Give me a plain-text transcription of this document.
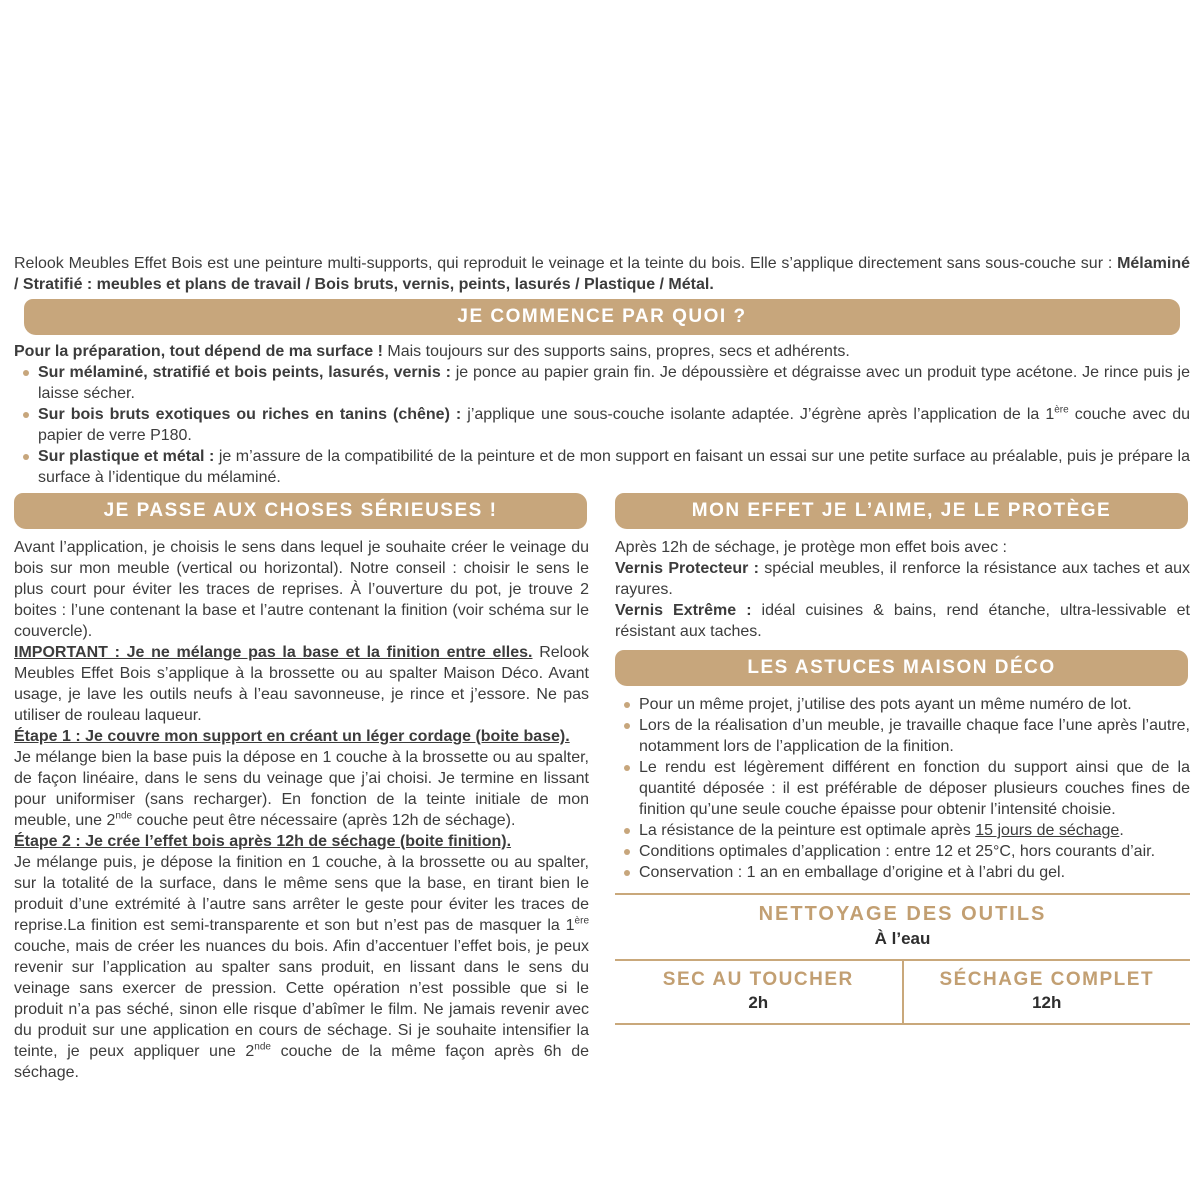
Relook Meubles Effet Bois est une peinture multi-supports, qui reproduit le veinage et la teinte du bois. Elle s’applique directement sans sous-couche sur : Mélaminé / Stratifié : meubles et plans de travail / Bois bruts, vernis, peints, lasurés / Plastique / Métal.

JE COMMENCE PAR QUOI ?

Pour la préparation, tout dépend de ma surface ! Mais toujours sur des supports sains, propres, secs et adhérents.

Sur mélaminé, stratifié et bois peints, lasurés, vernis : je ponce au papier grain fin. Je dépoussière et dégraisse avec un produit type acétone. Je rince puis je laisse sécher.
Sur bois bruts exotiques ou riches en tanins (chêne) : j’applique une sous-couche isolante adaptée. J’égrène après l’application de la 1ère couche avec du papier de verre P180.
Sur plastique et métal : je m’assure de la compatibilité de la peinture et de mon support en faisant un essai sur une petite surface au préalable, puis je prépare la surface à l’identique du mélaminé.
JE PASSE AUX CHOSES SÉRIEUSES !

Avant l’application, je choisis le sens dans lequel je souhaite créer le veinage du bois sur mon meuble (vertical ou horizontal). Notre conseil : choisir le sens le plus court pour éviter les traces de reprises. À l’ouverture du pot, je trouve 2 boites : l’une contenant la base et l’autre contenant la finition (voir schéma sur le couvercle).

IMPORTANT : Je ne mélange pas la base et la finition entre elles. Relook Meubles Effet Bois s’applique à la brossette ou au spalter Maison Déco. Avant usage, je lave les outils neufs à l’eau savonneuse, je rince et j’essore. Ne pas utiliser de rouleau laqueur.

Étape 1 : Je couvre mon support en créant un léger cordage (boite base).

Je mélange bien la base puis la dépose en 1 couche à la brossette ou au spalter, de façon linéaire, dans le sens du veinage que j’ai choisi. Je termine en lissant pour uniformiser (sans recharger). En fonction de la teinte initiale de mon meuble, une 2nde couche peut être nécessaire (après 12h de séchage).

Étape 2 : Je crée l’effet bois après 12h de séchage (boite finition).

Je mélange puis, je dépose la finition en 1 couche, à la brossette ou au spalter, sur la totalité de la surface, dans le même sens que la base, en tirant bien le produit d’une extrémité à l’autre sans arrêter le geste pour éviter les traces de reprise.La finition est semi-transparente et son but n’est pas de masquer la 1ère couche, mais de créer les nuances du bois. Afin d’accentuer l’effet bois, je peux revenir sur l’application au spalter sans produit, en lissant dans le sens du veinage sans exercer de pression. Cette opération n’est possible que si le produit n’a pas séché, sinon elle risque d’abîmer le film. Ne jamais revenir avec du produit sur une application en cours de séchage. Si je souhaite intensifier la teinte, je peux appliquer une 2nde couche de la même façon après 6h de séchage.

MON EFFET JE L’AIME, JE LE PROTÈGE

Après 12h de séchage, je protège mon effet bois avec :

Vernis Protecteur : spécial meubles, il renforce la résistance aux taches et aux rayures.

Vernis Extrême : idéal cuisines & bains, rend étanche, ultra-lessivable et résistant aux taches.

LES ASTUCES MAISON DÉCO
Pour un même projet, j’utilise des pots ayant un même numéro de lot.
Lors de la réalisation d’un meuble, je travaille chaque face l’une après l’autre, notamment lors de l’application de la finition.
Le rendu est légèrement différent en fonction du support ainsi que de la quantité déposée : il est préférable de déposer plusieurs couches fines de finition qu’une seule couche épaisse pour obtenir l’intensité choisie.
La résistance de la peinture est optimale après 15 jours de séchage.
Conditions optimales d’application : entre 12 et 25°C, hors courants d’air.
Conservation : 1 an en emballage d’origine et à l’abri du gel.
NETTOYAGE DES OUTILS
À l’eau
SEC AU TOUCHER
2h
SÉCHAGE COMPLET
12h
